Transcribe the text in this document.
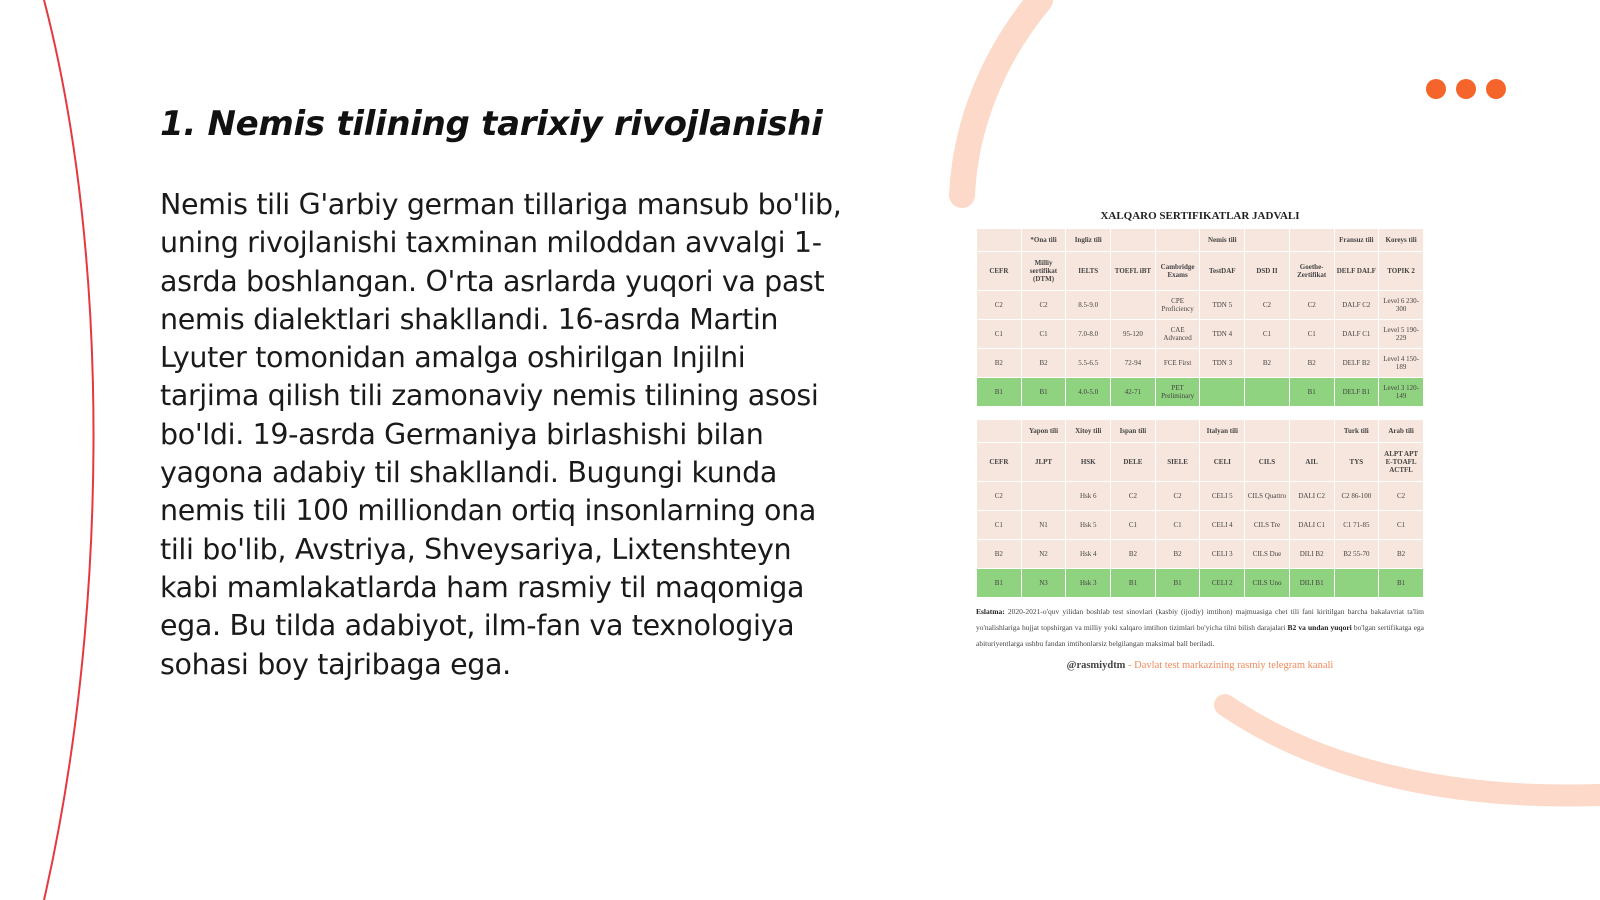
1. Nemis tilining tarixiy rivojlanishi

Nemis tili G'arbiy german tillariga mansub bo'lib, uning rivojlanishi taxminan miloddan avvalgi 1-asrda boshlangan. O'rta asrlarda yuqori va past nemis dialektlari shakllandi. 16-asrda Martin Lyuter tomonidan amalga oshirilgan Injilni tarjima qilish tili zamonaviy nemis tilining asosi bo'ldi. 19-asrda Germaniya birlashishi bilan yagona adabiy til shakllandi. Bugungi kunda nemis tili 100 milliondan ortiq insonlarning ona tili bo'lib, Avstriya, Shveysariya, Lixtenshteyn kabi mamlakatlarda ham rasmiy til maqomiga ega. Bu tilda adabiyot, ilm-fan va texnologiya sohasi boy tajribaga ega.

XALQARO SERTIFIKATLAR JADVALI
	*Ona tili	Ingliz tili			Nemis tili			Fransuz tili	Koreys tili
CEFR	Milliy sertifikat (DTM)	IELTS	TOEFL iBT	Cambridge Exams	TestDAF	DSD II	Goethe-Zertifikat	DELF DALF	TOPIK 2
C2	C2	8.5-9.0		CPE Proficiency	TDN 5	C2	C2	DALF C2	Level 6 230-300
C1	C1	7.0-8.0	95-120	CAE Advanced	TDN 4	C1	C1	DALF C1	Level 5 190-229
B2	B2	5.5-6.5	72-94	FCE First	TDN 3	B2	B2	DELF B2	Level 4 150-189
B1	B1	4.0-5.0	42-71	PET Preliminary			B1	DELF B1	Level 3 120-149
	Yapon tili	Xitoy tili	Ispan tili		Italyan tili			Turk tili	Arab tili
CEFR	JLPT	HSK	DELE	SIELE	CELI	CILS	AIL	TYS	ALPT APT E-TOAFL ACTFL
C2		Hsk 6	C2	C2	CELI 5	CILS Quattro	DALI C2	C2 86-100	C2
C1	N1	Hsk 5	C1	C1	CELI 4	CILS Tre	DALI C1	C1 71-85	C1
B2	N2	Hsk 4	B2	B2	CELI 3	CILS Due	DILI B2	B2 55-70	B2
B1	N3	Hsk 3	B1	B1	CELI 2	CILS Uno	DILI B1		B1
Eslatma: 2020-2021-o'quv yilidan boshlab test sinovlari (kasbiy (ijodiy) imtihon) majmuasiga chet tili fani kiritilgan barcha bakalavriat ta'lim yo'nalishlariga hujjat topshirgan va milliy yoki xalqaro imtihon tizimlari bo'yicha tilni bilish darajalari B2 va undan yuqori bo'lgan sertifikatga ega abituriyentlarga ushbu fandan imtihonlarsiz belgilangan maksimal ball beriladi.
@rasmiydtm - Davlat test markazining rasmiy telegram kanali
